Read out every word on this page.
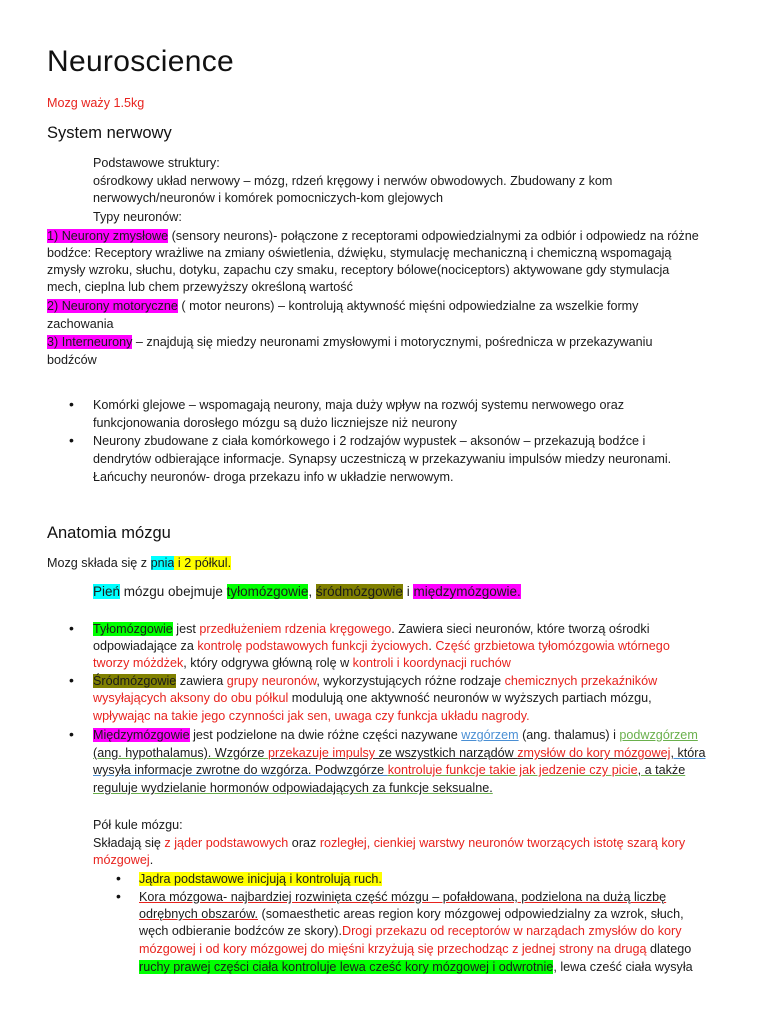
Neuroscience
Mozg waży 1.5kg
System nerwowy
Podstawowe struktury:
ośrodkowy układ nerwowy – mózg, rdzeń kręgowy i nerwów obwodowych. Zbudowany z kom
nerwowych/neuronów i komórek pomocniczych-kom glejowych
Typy neuronów:
1) Neurony zmysłowe (sensory neurons)- połączone z receptorami odpowiedzialnymi za odbiór i odpowiedz na różne
bodźce: Receptory wrażliwe na zmiany oświetlenia, dźwięku, stymulację mechaniczną i chemiczną wspomagają
zmysły wzroku, słuchu, dotyku, zapachu czy smaku, receptory bólowe(nociceptors) aktywowane gdy stymulacja
mech, cieplna lub chem przewyższy określoną wartość
2) Neurony motoryczne ( motor neurons) – kontrolują aktywność mięśni odpowiedzialne za wszelkie formy
zachowania
3) Interneurony – znajdują się miedzy neuronami zmysłowymi i motorycznymi, pośrednicza w przekazywaniu
bodźców
• Komórki glejowe – wspomagają neurony, maja duży wpływ na rozwój systemu nerwowego oraz
funkcjonowania dorosłego mózgu są dużo liczniejsze niż neurony
• Neurony zbudowane z ciała komórkowego i 2 rodzajów wypustek – aksonów – przekazują bodźce i
dendrytów odbierające informacje. Synapsy uczestniczą w przekazywaniu impulsów miedzy neuronami.
Łańcuchy neuronów- droga przekazu info w układzie nerwowym.
Anatomia mózgu
Mozg składa się z pnia i 2 półkul.
Pień mózgu obejmuje tyłomózgowie, śródmózgowie i międzymózgowie.
• Tyłomózgowie jest przedłużeniem rdzenia kręgowego. Zawiera sieci neuronów, które tworzą ośrodki
odpowiadające za kontrolę podstawowych funkcji życiowych. Część grzbietowa tyłomózgowia wtórnego
tworzy móżdżek, który odgrywa główną rolę w kontroli i koordynacji ruchów
• Śródmózgowie zawiera grupy neuronów, wykorzystujących różne rodzaje chemicznych przekaźników
wysyłających aksony do obu półkul modulują one aktywność neuronów w wyższych partiach mózgu,
wpływając na takie jego czynności jak sen, uwaga czy funkcja układu nagrody.
• Międzymózgowie jest podzielone na dwie różne części nazywane wzgórzem (ang. thalamus) i podwzgórzem
(ang. hypothalamus). Wzgórze przekazuje impulsy ze wszystkich narządów zmysłów do kory mózgowej, która
wysyła informacje zwrotne do wzgórza. Podwzgórze kontroluje funkcje takie jak jedzenie czy picie, a także
reguluje wydzielanie hormonów odpowiadających za funkcje seksualne.
Pół kule mózgu:
Składają się z jąder podstawowych oraz rozległej, cienkiej warstwy neuronów tworzących istotę szarą kory
mózgowej.
• Jądra podstawowe inicjują i kontrolują ruch.
• Kora mózgowa- najbardziej rozwinięta część mózgu – pofałdowana, podzielona na dużą liczbę
odrębnych obszarów. (somaesthetic areas region kory mózgowej odpowiedzialny za wzrok, słuch,
węch odbieranie bodźców ze skory).Drogi przekazu od receptorów w narządach zmysłów do kory
mózgowej i od kory mózgowej do mięśni krzyżują się przechodząc z jednej strony na drugą dlatego
ruchy prawej części ciała kontroluje lewa cześć kory mózgowej i odwrotnie, lewa cześć ciała wysyła
